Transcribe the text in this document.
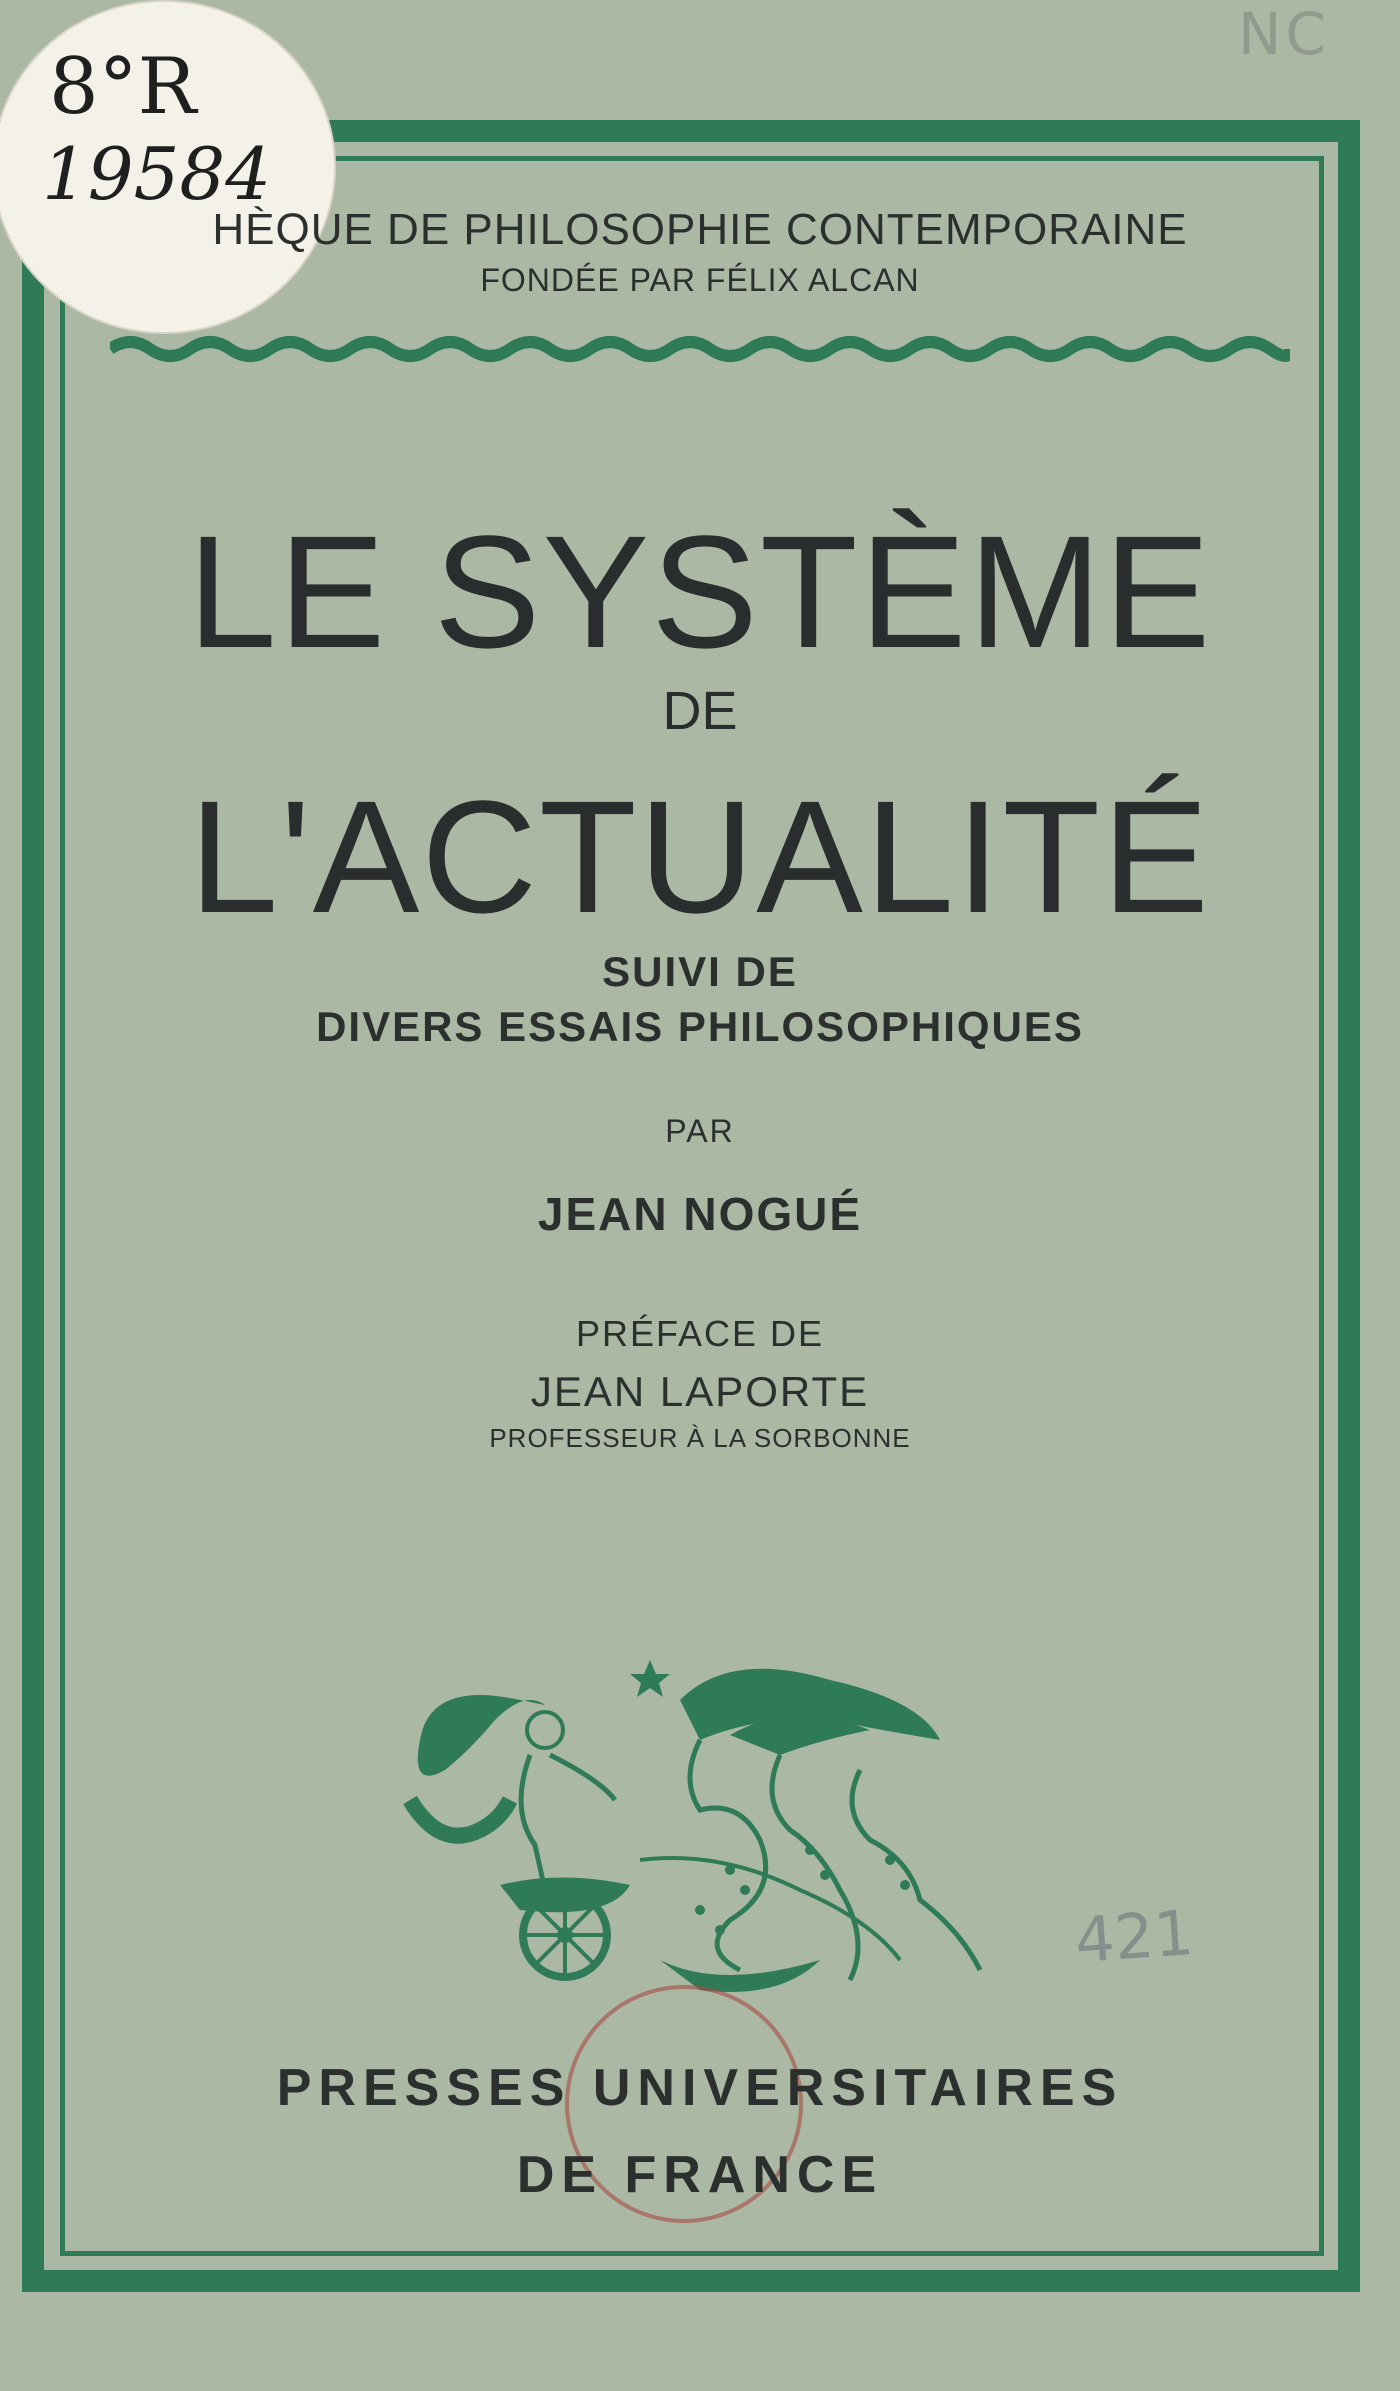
NC
8°R
19584
HÈQUE DE PHILOSOPHIE CONTEMPORAINE
FONDÉE PAR FÉLIX ALCAN
LE SYSTÈME
DE
L'ACTUALITÉ
SUIVI DE
DIVERS ESSAIS PHILOSOPHIQUES
PAR
JEAN NOGUÉ
PRÉFACE DE
JEAN LAPORTE
PROFESSEUR À LA SORBONNE
421
PRESSES UNIVERSITAIRES
DE FRANCE
